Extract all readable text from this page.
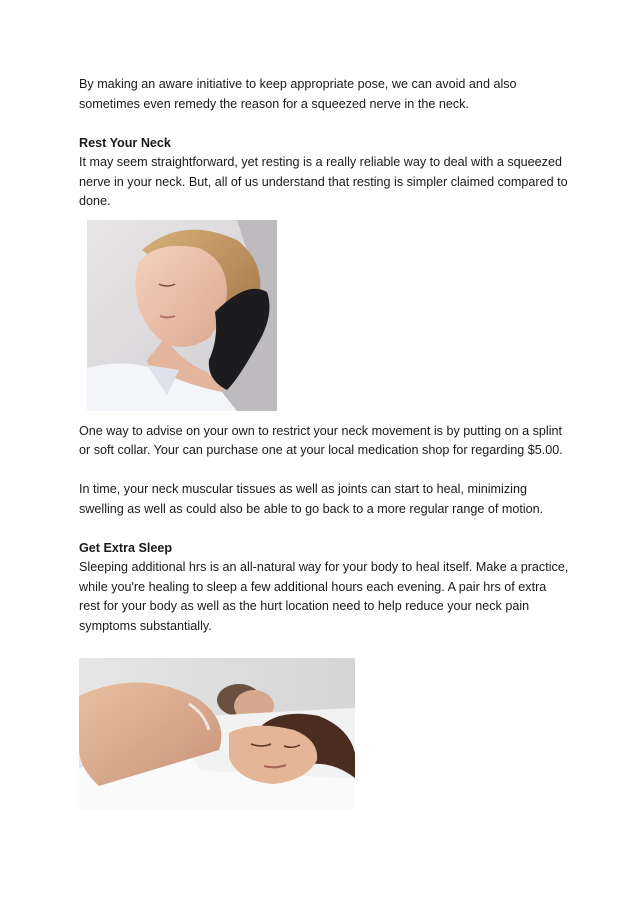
By making an aware initiative to keep appropriate pose, we can avoid and also sometimes even remedy the reason for a squeezed nerve in the neck.

Rest Your Neck

It may seem straightforward, yet resting is a really reliable way to deal with a squeezed nerve in your neck. But, all of us understand that resting is simpler claimed compared to done.

One way to advise on your own to restrict your neck movement is by putting on a splint or soft collar. Your can purchase one at your local medication shop for regarding $5.00.

In time, your neck muscular tissues as well as joints can start to heal, minimizing swelling as well as could also be able to go back to a more regular range of motion.

Get Extra Sleep

Sleeping additional hrs is an all-natural way for your body to heal itself. Make a practice, while you're healing to sleep a few additional hours each evening. A pair hrs of extra rest for your body as well as the hurt location need to help reduce your neck pain symptoms substantially.
